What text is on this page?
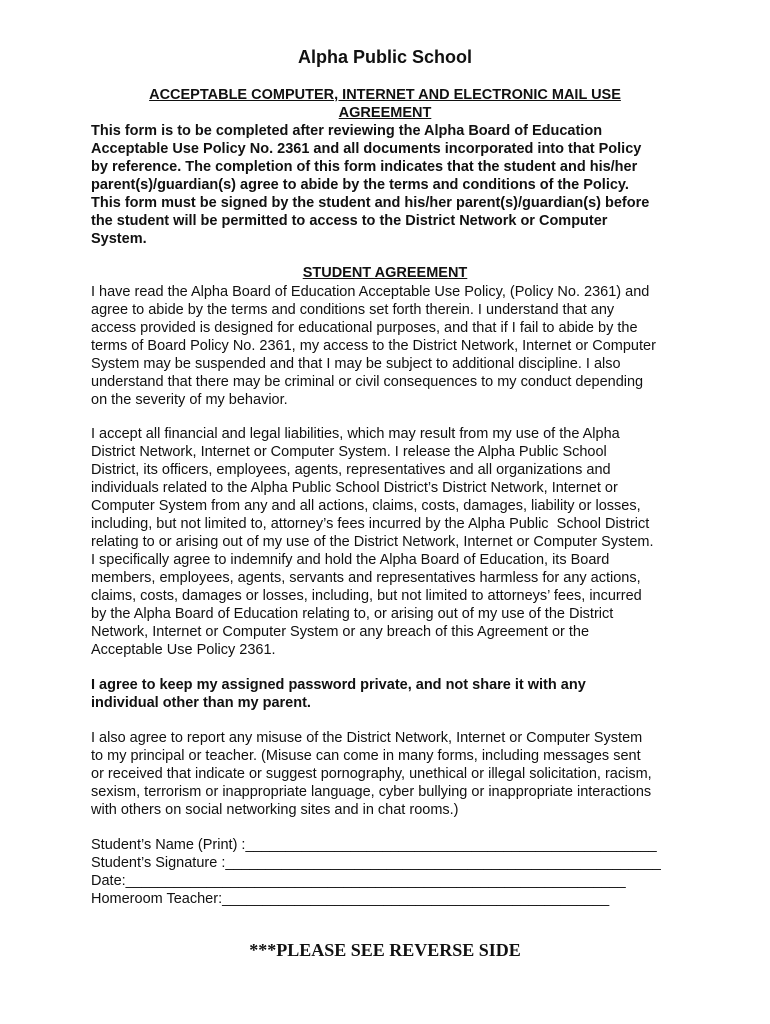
Alpha Public School
ACCEPTABLE COMPUTER, INTERNET AND ELECTRONIC MAIL USE
AGREEMENT
This form is to be completed after reviewing the Alpha Board of Education
Acceptable Use Policy No. 2361 and all documents incorporated into that Policy
by reference. The completion of this form indicates that the student and his/her
parent(s)/guardian(s) agree to abide by the terms and conditions of the Policy.
This form must be signed by the student and his/her parent(s)/guardian(s) before
the student will be permitted to access to the District Network or Computer
System.
STUDENT AGREEMENT
I have read the Alpha Board of Education Acceptable Use Policy, (Policy No. 2361) and
agree to abide by the terms and conditions set forth therein. I understand that any
access provided is designed for educational purposes, and that if I fail to abide by the
terms of Board Policy No. 2361, my access to the District Network, Internet or Computer
System may be suspended and that I may be subject to additional discipline. I also
understand that there may be criminal or civil consequences to my conduct depending
on the severity of my behavior.
I accept all financial and legal liabilities, which may result from my use of the Alpha
District Network, Internet or Computer System. I release the Alpha Public School
District, its officers, employees, agents, representatives and all organizations and
individuals related to the Alpha Public School District’s District Network, Internet or
Computer System from any and all actions, claims, costs, damages, liability or losses,
including, but not limited to, attorney’s fees incurred by the Alpha Public  School District
relating to or arising out of my use of the District Network, Internet or Computer System.
I specifically agree to indemnify and hold the Alpha Board of Education, its Board
members, employees, agents, servants and representatives harmless for any actions,
claims, costs, damages or losses, including, but not limited to attorneys’ fees, incurred
by the Alpha Board of Education relating to, or arising out of my use of the District
Network, Internet or Computer System or any breach of this Agreement or the
Acceptable Use Policy 2361.
I agree to keep my assigned password private, and not share it with any
individual other than my parent.
I also agree to report any misuse of the District Network, Internet or Computer System
to my principal or teacher. (Misuse can come in many forms, including messages sent
or received that indicate or suggest pornography, unethical or illegal solicitation, racism,
sexism, terrorism or inappropriate language, cyber bullying or inappropriate interactions
with others on social networking sites and in chat rooms.)
Student’s Name (Print) :___________________________________________________
Student’s Signature :______________________________________________________
Date:______________________________________________________________
Homeroom Teacher:________________________________________________
***PLEASE SEE REVERSE SIDE
